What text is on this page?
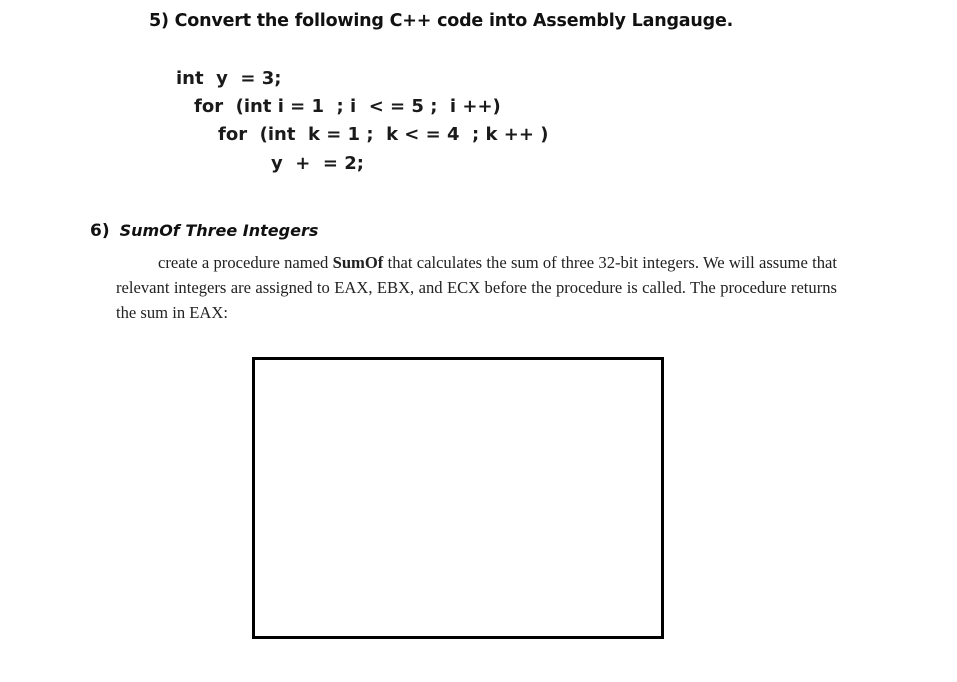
5) Convert the following C++ code into Assembly Langauge.
int  y  = 3;
for  (int i = 1  ; i  < = 5 ;  i ++)
for  (int  k = 1 ;  k < = 4  ; k ++ )
y  +  = 2;
6) SumOf Three Integers
create a procedure named SumOf that calculates the sum of three 32-bit integers. We will assume that relevant integers are assigned to EAX, EBX, and ECX before the procedure is called. The procedure returns the sum in EAX:
